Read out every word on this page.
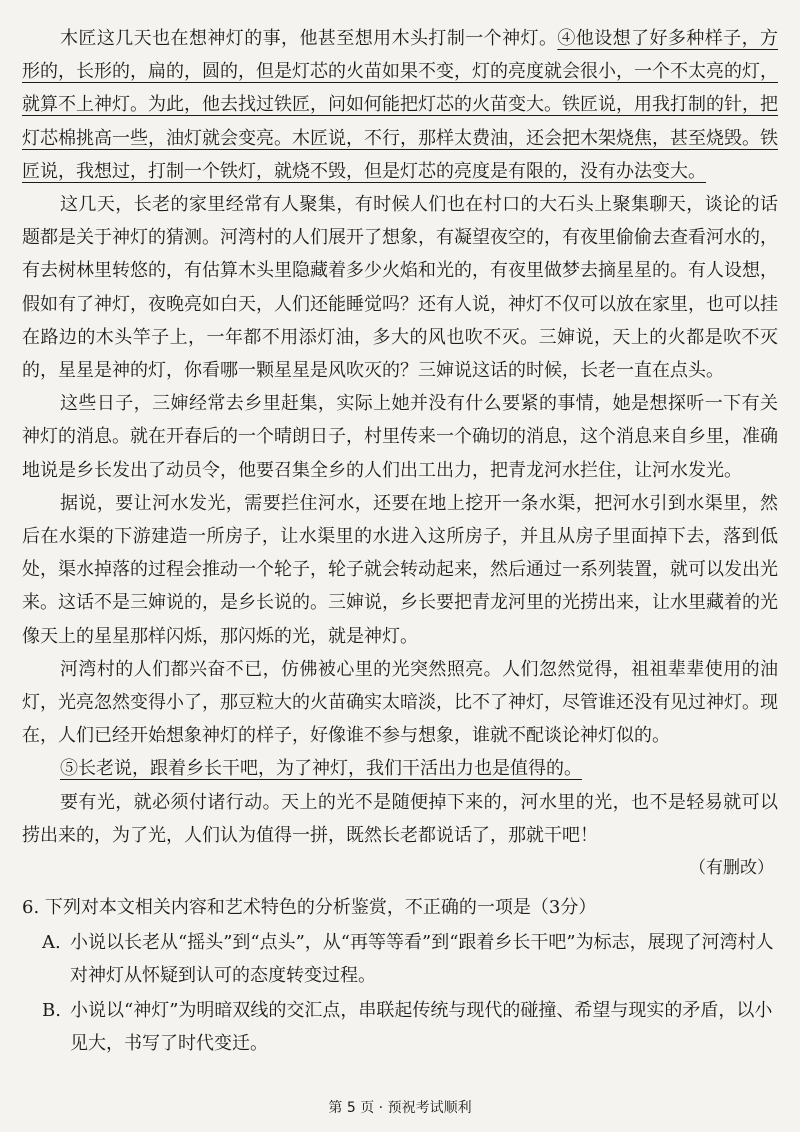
木匠这几天也在想神灯的事，他甚至想用木头打制一个神灯。④他设想了好多种样子，方形的，长形的，扁的，圆的，但是灯芯的火苗如果不变，灯的亮度就会很小，一个不太亮的灯，就算不上神灯。为此，他去找过铁匠，问如何能把灯芯的火苗变大。铁匠说，用我打制的针，把灯芯棉挑高一些，油灯就会变亮。木匠说，不行，那样太费油，还会把木架烧焦，甚至烧毁。铁匠说，我想过，打制一个铁灯，就烧不毁，但是灯芯的亮度是有限的，没有办法变大。

这几天，长老的家里经常有人聚集，有时候人们也在村口的大石头上聚集聊天，谈论的话题都是关于神灯的猜测。河湾村的人们展开了想象，有凝望夜空的，有夜里偷偷去查看河水的，有去树林里转悠的，有估算木头里隐藏着多少火焰和光的，有夜里做梦去摘星星的。有人设想，假如有了神灯，夜晚亮如白天，人们还能睡觉吗？还有人说，神灯不仅可以放在家里，也可以挂在路边的木头竿子上，一年都不用添灯油，多大的风也吹不灭。三婶说，天上的火都是吹不灭的，星星是神的灯，你看哪一颗星星是风吹灭的？三婶说这话的时候，长老一直在点头。

这些日子，三婶经常去乡里赶集，实际上她并没有什么要紧的事情，她是想探听一下有关神灯的消息。就在开春后的一个晴朗日子，村里传来一个确切的消息，这个消息来自乡里，准确地说是乡长发出了动员令，他要召集全乡的人们出工出力，把青龙河水拦住，让河水发光。

据说，要让河水发光，需要拦住河水，还要在地上挖开一条水渠，把河水引到水渠里，然后在水渠的下游建造一所房子，让水渠里的水进入这所房子，并且从房子里面掉下去，落到低处，渠水掉落的过程会推动一个轮子，轮子就会转动起来，然后通过一系列装置，就可以发出光来。这话不是三婶说的，是乡长说的。三婶说，乡长要把青龙河里的光捞出来，让水里藏着的光像天上的星星那样闪烁，那闪烁的光，就是神灯。

河湾村的人们都兴奋不已，仿佛被心里的光突然照亮。人们忽然觉得，祖祖辈辈使用的油灯，光亮忽然变得小了，那豆粒大的火苗确实太暗淡，比不了神灯，尽管谁还没有见过神灯。现在，人们已经开始想象神灯的样子，好像谁不参与想象，谁就不配谈论神灯似的。

⑤长老说，跟着乡长干吧，为了神灯，我们干活出力也是值得的。

要有光，就必须付诸行动。天上的光不是随便掉下来的，河水里的光，也不是轻易就可以捞出来的，为了光，人们认为值得一拼，既然长老都说话了，那就干吧！

（有删改）

6. 下列对本文相关内容和艺术特色的分析鉴赏，不正确的一项是（3分）

A. 小说以长老从“摇头”到“点头”，从“再等等看”到“跟着乡长干吧”为标志，展现了河湾村人对神灯从怀疑到认可的态度转变过程。

B. 小说以“神灯”为明暗双线的交汇点，串联起传统与现代的碰撞、希望与现实的矛盾，以小见大，书写了时代变迁。

第 5 页 · 预祝考试顺利
